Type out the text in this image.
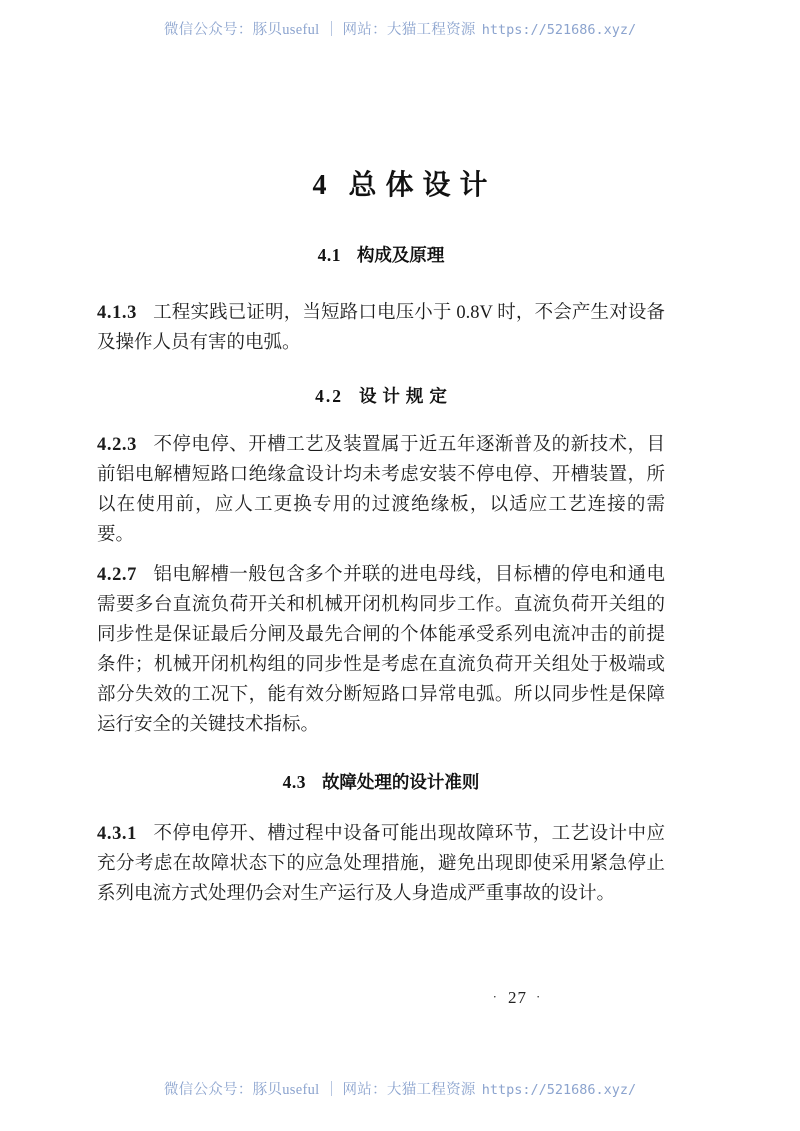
微信公众号：豚贝useful 网站：大猫工程资源 https://521686.xyz/
4 总体设计
4.1 构成及原理

4.1.3 工程实践已证明，当短路口电压小于 0.8V 时，不会产生对设备及操作人员有害的电弧。

4.2 设计规定

4.2.3 不停电停、开槽工艺及装置属于近五年逐渐普及的新技术，目前铝电解槽短路口绝缘盒设计均未考虑安装不停电停、开槽装置，所以在使用前，应人工更换专用的过渡绝缘板，以适应工艺连接的需要。

4.2.7 铝电解槽一般包含多个并联的进电母线，目标槽的停电和通电需要多台直流负荷开关和机械开闭机构同步工作。直流负荷开关组的同步性是保证最后分闸及最先合闸的个体能承受系列电流冲击的前提条件；机械开闭机构组的同步性是考虑在直流负荷开关组处于极端或部分失效的工况下，能有效分断短路口异常电弧。所以同步性是保障运行安全的关键技术指标。

4.3 故障处理的设计准则

4.3.1 不停电停开、槽过程中设备可能出现故障环节，工艺设计中应充分考虑在故障状态下的应急处理措施，避免出现即使采用紧急停止系列电流方式处理仍会对生产运行及人身造成严重事故的设计。

· 27 ·
微信公众号：豚贝useful 网站：大猫工程资源 https://521686.xyz/
